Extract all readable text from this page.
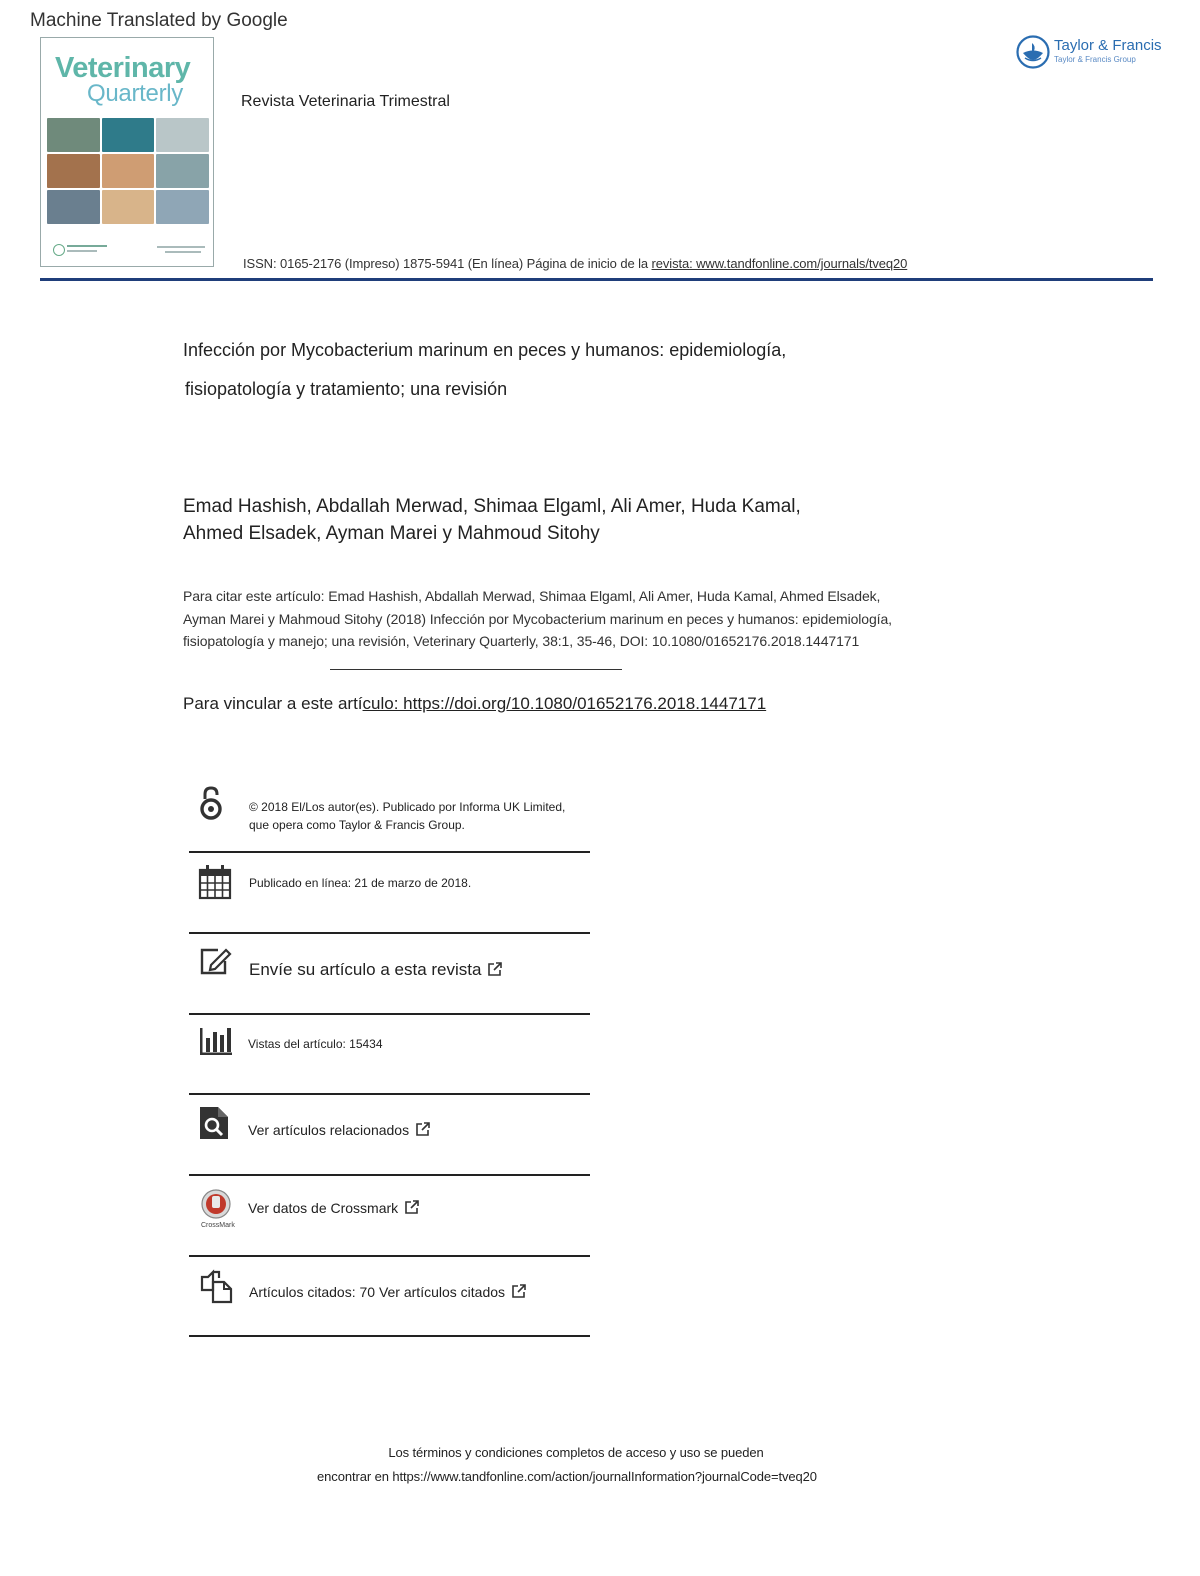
Machine Translated by Google
Veterinary
Quarterly	Revista Veterinaria Trimestral
Taylor & Francis
Taylor & Francis Group
ISSN: 0165-2176 (Impreso) 1875-5941 (En línea) Página de inicio de la revista: www.tandfonline.com/journals/tveq20
Infección por Mycobacterium marinum en peces y humanos: epidemiología,
fisiopatología y tratamiento; una revisión
Emad Hashish, Abdallah Merwad, Shimaa Elgaml, Ali Amer, Huda Kamal,
Ahmed Elsadek, Ayman Marei y Mahmoud Sitohy
Para citar este artículo: Emad Hashish, Abdallah Merwad, Shimaa Elgaml, Ali Amer, Huda Kamal, Ahmed Elsadek,
Ayman Marei y Mahmoud Sitohy (2018) Infección por Mycobacterium marinum en peces y humanos: epidemiología,
fisiopatología y manejo; una revisión, Veterinary Quarterly, 38:1, 35-46, DOI: 10.1080/01652176.2018.1447171
Para vincular a este artículo: https://doi.org/10.1080/01652176.2018.1447171
© 2018 El/Los autor(es). Publicado por Informa UK Limited,
que opera como Taylor & Francis Group.
Publicado en línea: 21 de marzo de 2018.
Envíe su artículo a esta revista
Vistas del artículo: 15434
Ver artículos relacionados
CrossMark
Ver datos de Crossmark
Artículos citados: 70 Ver artículos citados
Los términos y condiciones completos de acceso y uso se pueden
encontrar en https://www.tandfonline.com/action/journalInformation?journalCode=tveq20
